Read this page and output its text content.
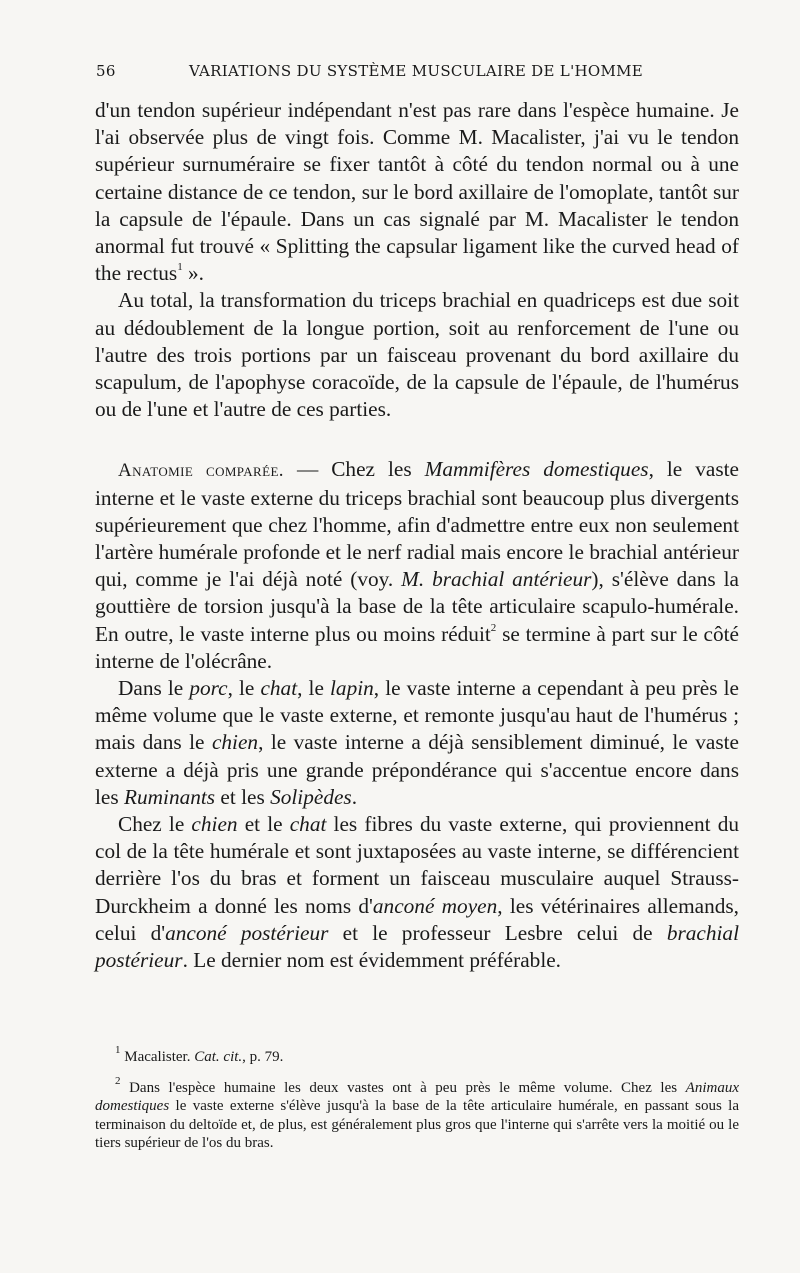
56	VARIATIONS DU SYSTÈME MUSCULAIRE DE L'HOMME

d'un tendon supérieur indépendant n'est pas rare dans l'espèce humaine. Je l'ai observée plus de vingt fois. Comme M. Macalister, j'ai vu le tendon supérieur surnuméraire se fixer tantôt à côté du tendon normal ou à une certaine distance de ce tendon, sur le bord axillaire de l'omoplate, tantôt sur la capsule de l'épaule. Dans un cas signalé par M. Macalister le tendon anormal fut trouvé « Splitting the capsular ligament like the curved head of the rectus$^1$ ».

Au total, la transformation du triceps brachial en quadriceps est due soit au dédoublement de la longue portion, soit au renforcement de l'une ou l'autre des trois portions par un faisceau provenant du bord axillaire du scapulum, de l'apophyse coracoïde, de la capsule de l'épaule, de l'humérus ou de l'une et l'autre de ces parties.

Anatomie comparée. — Chez les Mammifères domestiques, le vaste interne et le vaste externe du triceps brachial sont beaucoup plus divergents supérieurement que chez l'homme, afin d'admettre entre eux non seulement l'artère humérale profonde et le nerf radial mais encore le brachial antérieur qui, comme je l'ai déjà noté (voy. M. brachial antérieur), s'élève dans la gouttière de torsion jusqu'à la base de la tête articulaire scapulo-humérale. En outre, le vaste interne plus ou moins réduit$^2$ se termine à part sur le côté interne de l'olécrâne.

Dans le porc, le chat, le lapin, le vaste interne a cependant à peu près le même volume que le vaste externe, et remonte jusqu'au haut de l'humérus ; mais dans le chien, le vaste interne a déjà sensiblement diminué, le vaste externe a déjà pris une grande prépondérance qui s'accentue encore dans les Ruminants et les Solipèdes.

Chez le chien et le chat les fibres du vaste externe, qui proviennent du col de la tête humérale et sont juxtaposées au vaste interne, se différencient derrière l'os du bras et forment un faisceau musculaire auquel Strauss-Durckheim a donné les noms d'anconé moyen, les vétérinaires allemands, celui d'anconé postérieur et le professeur Lesbre celui de brachial postérieur. Le dernier nom est évidemment préférable.

$^1$ Macalister. Cat. cit., p. 79.

$^2$ Dans l'espèce humaine les deux vastes ont à peu près le même volume. Chez les Animaux domestiques le vaste externe s'élève jusqu'à la base de la tête articulaire humérale, en passant sous la terminaison du deltoïde et, de plus, est généralement plus gros que l'interne qui s'arrête vers la moitié ou le tiers supérieur de l'os du bras.
